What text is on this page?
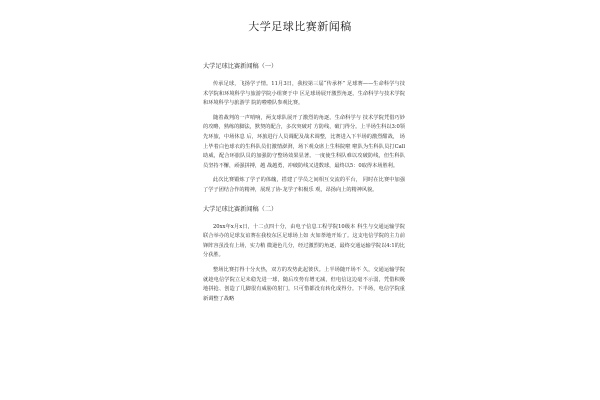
大学足球比赛新闻稿
大学足球比赛新闻稿（一）

传承足球，飞扬学子情。11月3日，我校第三届“传承杯” 足球赛——生命科学与技术学院和环境科学与旅游学院小组赛于中 区足球场展开激烈角逐。生命科学与技术学院和环境科学与旅游学 院的啦啦队参观比赛。

随着裁判的一声哨响，两支球队展开了激烈的角逐。生命科学与 技术学院凭借巧妙的攻略，熟练的脚法，默契的配合，多次突破对 方防线，破门得分。上半场生科以3:0领先环旅，中场休息 后，环旅进行人员调配及战术调整，比赛进入下半场的激烈酣战， 场上毕着白色球衣的生科队员们激情澎湃，场下观众席上生科院啦 啦队为生科队员打Call助威，配合环旅队员的加强防守整场效果显著。一度使生科队难以攻破防线，但生科队员坚持不懈，顽强拼搏，越 战越勇，冲破防线又进数球，最终以5：0取得本场胜利。

此次比赛锻炼了学子的体魄，搭建了学员之间相互交流的平台， 同时在比赛中加强了学子团结合作的精神，展现了协·龙学子积极乐 观，昂扬向上的精神风貌。

大学足球比赛新闻稿（二）

20xx年x月x日，十二点四十分，由电子信息工程学院10级本 科生与交通运输学院联合举办的足球友谊赛在我校东区足球场上如 火如荼地开始了。这支电信学院的主力前锋阵容虽没有上场，实力稍 微逊色几分，经过激烈的角逐，最终交通运输学院以4:1的比 分获胜。

整场比赛打得十分火热，双方的攻势此起彼伏。上半场随开场不 久，交通运输学院就趁电信学院立足未稳先进一球，随后攻势有增无减，但电信这边毫不示弱，凭借积极地拼抢、创造了几脚很有威胁的射门，只可惜都没有转化成得分。下半场，电信学院重新调整了战略
